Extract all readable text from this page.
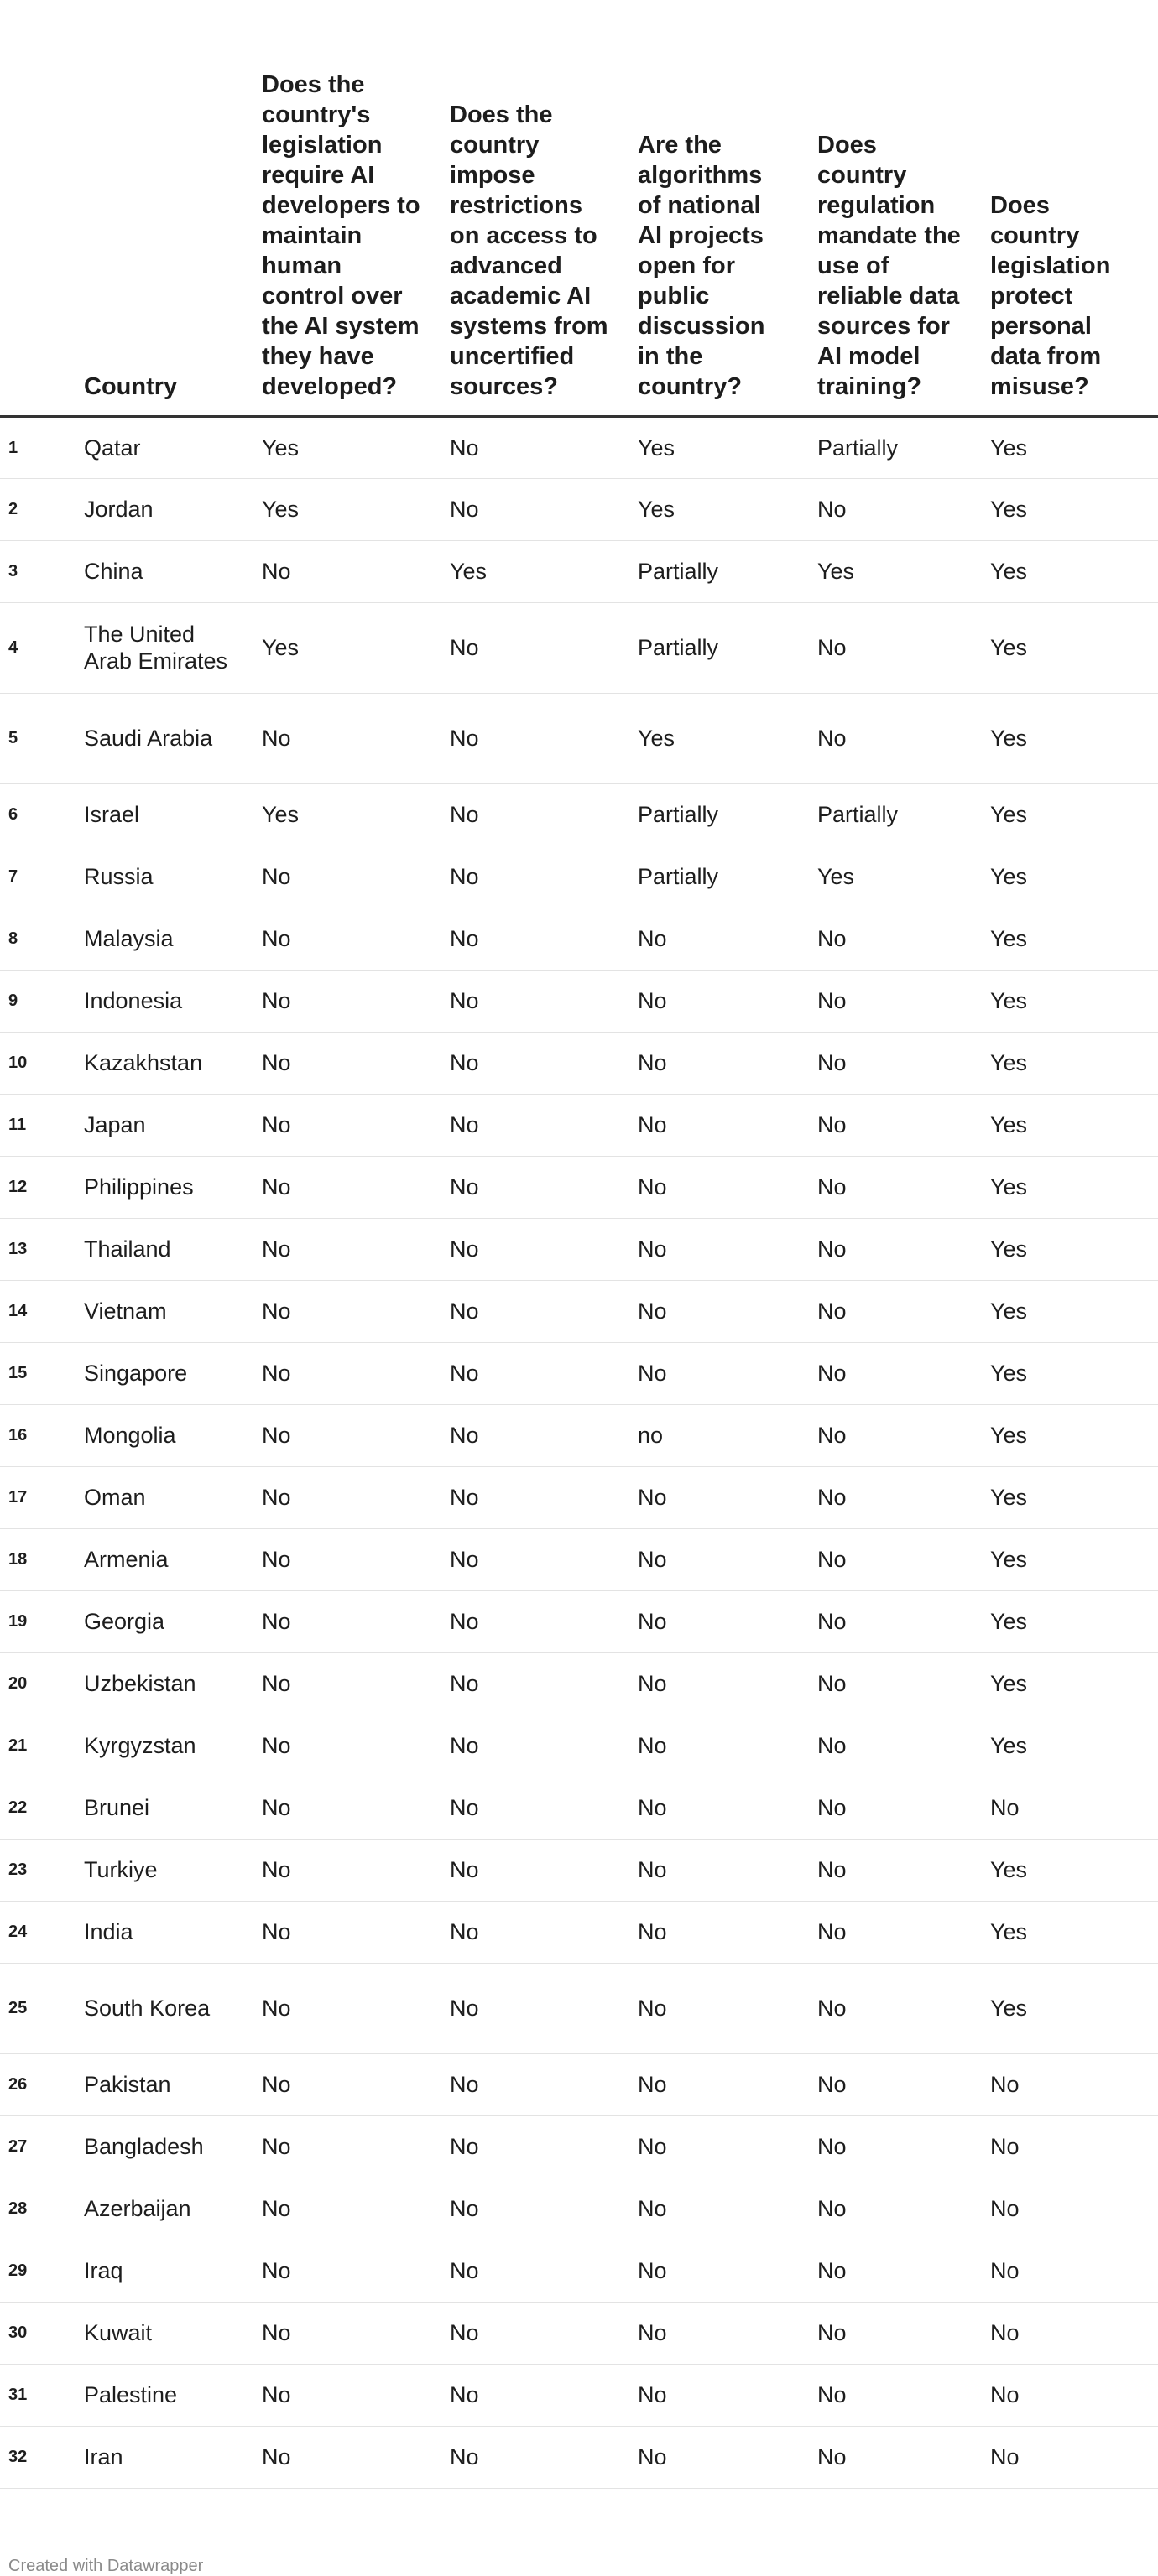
	Country	Does the country's legislation require AI developers to maintain human control over the AI system they have developed?	Does the country impose restrictions on access to advanced academic AI systems from uncertified sources?	Are the algorithms of national AI projects open for public discussion in the country?	Does country regulation mandate the use of reliable data sources for AI model training?	Does country legislation protect personal data from misuse?
1	Qatar	Yes	No	Yes	Partially	Yes
2	Jordan	Yes	No	Yes	No	Yes
3	China	No	Yes	Partially	Yes	Yes
4	The United Arab Emirates	Yes	No	Partially	No	Yes
5	Saudi Arabia	No	No	Yes	No	Yes
6	Israel	Yes	No	Partially	Partially	Yes
7	Russia	No	No	Partially	Yes	Yes
8	Malaysia	No	No	No	No	Yes
9	Indonesia	No	No	No	No	Yes
10	Kazakhstan	No	No	No	No	Yes
11	Japan	No	No	No	No	Yes
12	Philippines	No	No	No	No	Yes
13	Thailand	No	No	No	No	Yes
14	Vietnam	No	No	No	No	Yes
15	Singapore	No	No	No	No	Yes
16	Mongolia	No	No	no	No	Yes
17	Oman	No	No	No	No	Yes
18	Armenia	No	No	No	No	Yes
19	Georgia	No	No	No	No	Yes
20	Uzbekistan	No	No	No	No	Yes
21	Kyrgyzstan	No	No	No	No	Yes
22	Brunei	No	No	No	No	No
23	Turkiye	No	No	No	No	Yes
24	India	No	No	No	No	Yes
25	South Korea	No	No	No	No	Yes
26	Pakistan	No	No	No	No	No
27	Bangladesh	No	No	No	No	No
28	Azerbaijan	No	No	No	No	No
29	Iraq	No	No	No	No	No
30	Kuwait	No	No	No	No	No
31	Palestine	No	No	No	No	No
32	Iran	No	No	No	No	No
Created with Datawrapper
